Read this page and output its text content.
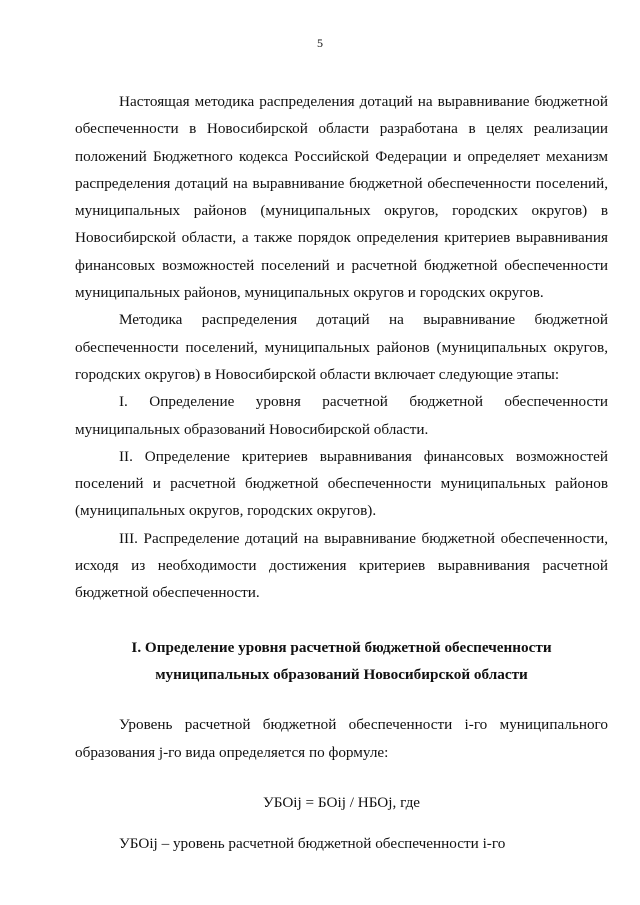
5

Настоящая методика распределения дотаций на выравнивание бюджетной обеспеченности в Новосибирской области разработана в целях реализации положений Бюджетного кодекса Российской Федерации и определяет механизм распределения дотаций на выравнивание бюджетной обеспеченности поселений, муниципальных районов (муниципальных округов, городских округов) в Новосибирской области, а также порядок определения критериев выравнивания финансовых возможностей поселений и расчетной бюджетной обеспеченности муниципальных районов, муниципальных округов и городских округов.

Методика распределения дотаций на выравнивание бюджетной обеспеченности поселений, муниципальных районов (муниципальных округов, городских округов) в Новосибирской области включает следующие этапы:

I. Определение уровня расчетной бюджетной обеспеченности муниципальных образований Новосибирской области.

II. Определение критериев выравнивания финансовых возможностей поселений и расчетной бюджетной обеспеченности муниципальных районов (муниципальных округов, городских округов).

III. Распределение дотаций на выравнивание бюджетной обеспеченности, исходя из необходимости достижения критериев выравнивания расчетной бюджетной обеспеченности.

I. Определение уровня расчетной бюджетной обеспеченности

муниципальных образований Новосибирской области

Уровень расчетной бюджетной обеспеченности i-го муниципального образования j-го вида определяется по формуле:

УБОij = БОij / НБОj, где

УБОij – уровень расчетной бюджетной обеспеченности i-го
